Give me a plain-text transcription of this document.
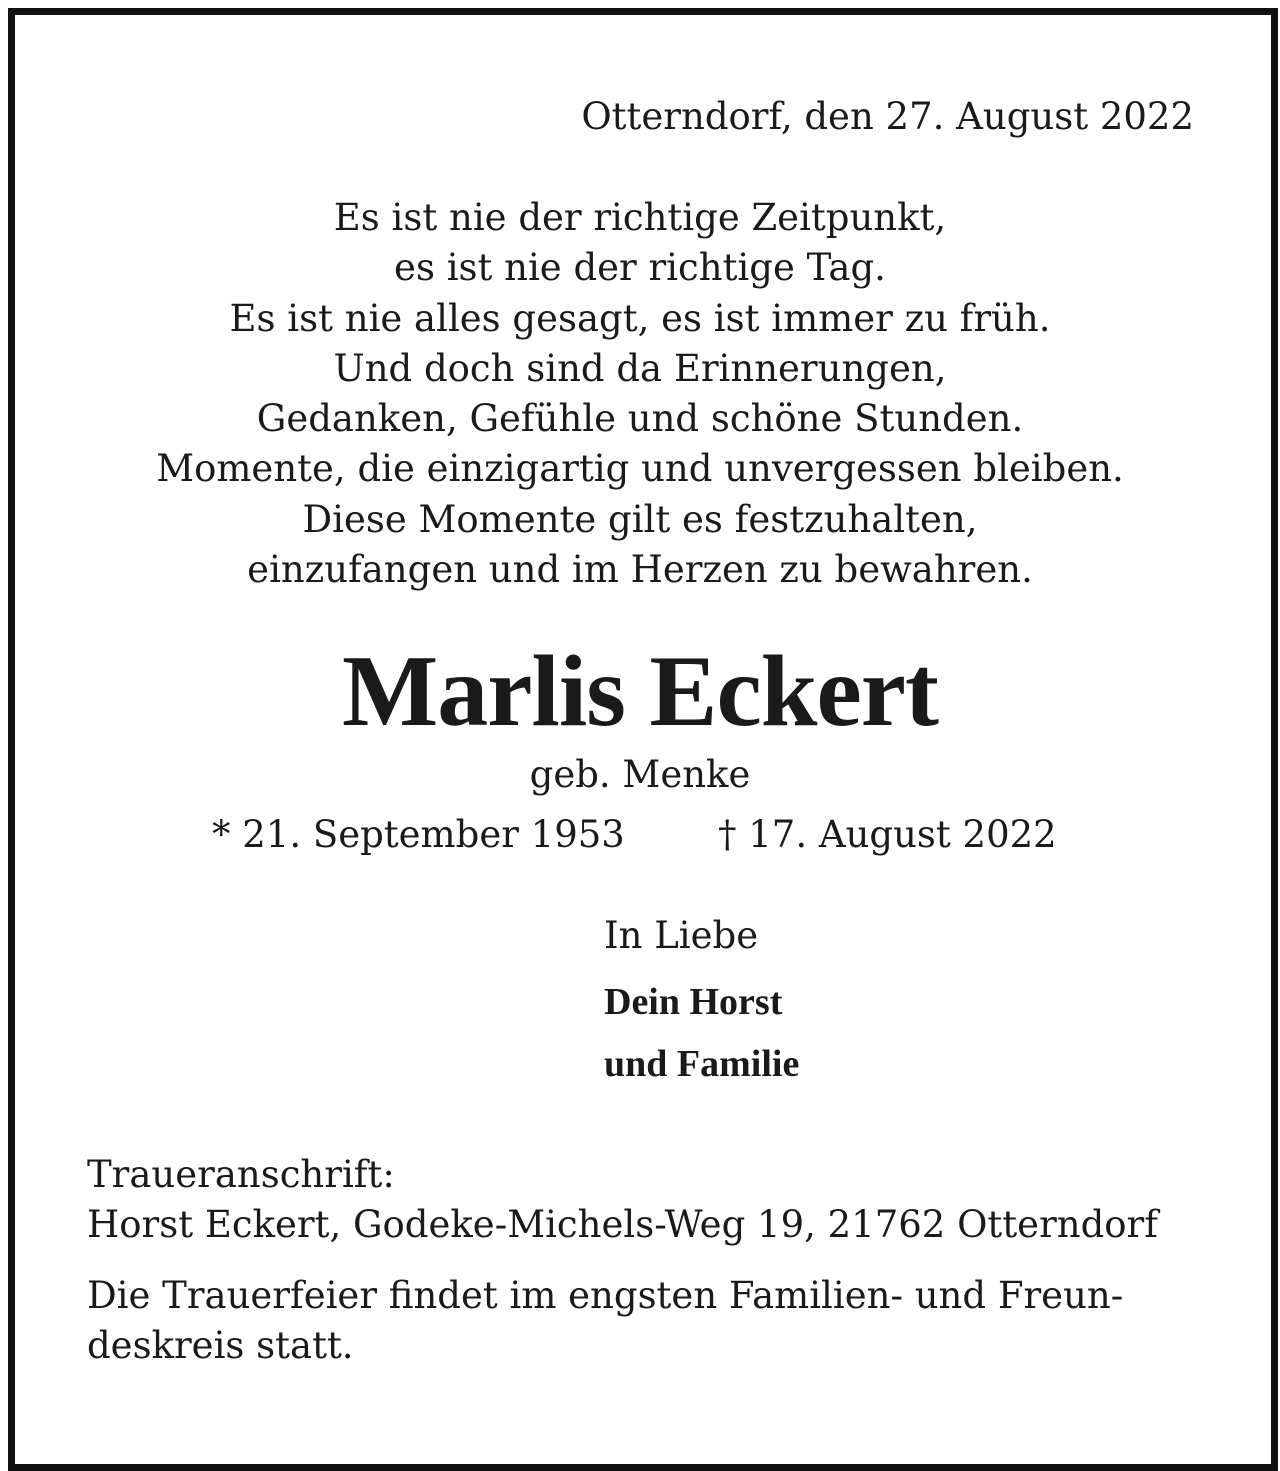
Otterndorf, den 27. August 2022
Es ist nie der richtige Zeitpunkt,
es ist nie der richtige Tag.
Es ist nie alles gesagt, es ist immer zu früh.
Und doch sind da Erinnerungen,
Gedanken, Gefühle und schöne Stunden.
Momente, die einzigartig und unvergessen bleiben.
Diese Momente gilt es festzuhalten,
einzufangen und im Herzen zu bewahren.
Marlis Eckert
geb. Menke
* 21. September 1953	† 17. August 2022
In Liebe
Dein Horst
und Familie
Traueranschrift:
Horst Eckert, Godeke-Michels-Weg 19, 21762 Otterndorf
Die Trauerfeier findet im engsten Familien- und Freun-
deskreis statt.
